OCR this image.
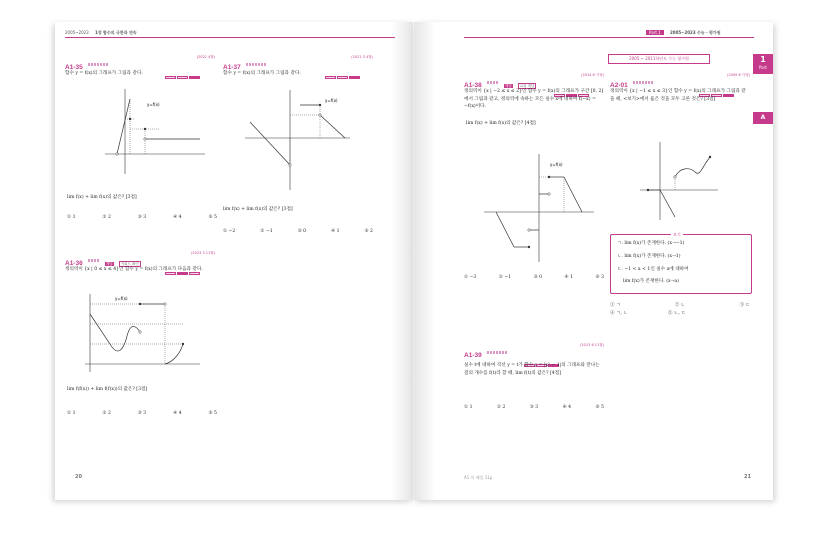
2005~2023 1장 함수의 극한과 연속
A1-35
(2022 4월)
함수 y = f(x)의 그래프가 그림과 같다.
y=f(x)
lim f(x) + lim f(x)의 값은? [3점]
① 1	② 2	③ 3	④ 4	⑤ 5
A1-37
(2021 3 4월)
함수 y = f(x)의 그래프가 그림과 같다.
y=f(x)
lim f(x) + lim f(x)의 값은? [3점]
① −2	② −1	③ 0	④ 1	⑤ 2
A1-36	개념 키워드 확인
(2023 3 11월)
정의역이 {x | 0 ≤ x ≤ 4}인 함수 y = f(x)의 그래프가 다음과 같다.
y=f(x)
lim f(f(x)) + lim f(f(x))의 값은? [3점]
① 1	② 2	③ 3	④ 4	⑤ 5
20
Part 1	2005~2023 수능 · 평가원
1
Part
A
2005 ~ 2011학년도 수능 평가원
A1-38	개념 교과 개념
(2014 6 가형)
정의역이 {x | −2 ≤ x ≤ 2}인 함수 y = f(x)의 그래프가 구간 [0, 2]에서 그림과 같고, 정의역에 속하는 모든 실수 x에 대하여 f(−x) = −f(x)이다.
lim f(x) + lim f(x)의 값은? [4점]
y=f(x)
① −3	② −1	③ 0	④ 1	⑤ 3
A2-01
(2009 6 가형)
정의역이 {x | −1 ≤ x ≤ 3}인 함수 y = f(x)의 그래프가 그림과 같을 때, <보기>에서 옳은 것을 모두 고른 것은? [3점]
보기
ㄱ. lim f(x)가 존재한다. (x→−1)
ㄴ. lim f(x)가 존재한다. (x→1)
ㄷ. −1 < a < 1인 실수 a에 대하여
lim f(x)가 존재한다. (x→a)
① ㄱ	② ㄴ	③ ㄷ
④ ㄱ, ㄴ	⑤ ㄴ, ㄷ
A1-39
(2013 6 11월)
실수 t에 대하여 직선 y = t가 함수 y = |x² − 1|의 그래프와 만나는 점의 개수를 f(t)라 할 때, lim f(t)의 값은? [4점]
① 1	② 2	③ 3	④ 4	⑤ 5
A1 의 해설 11p	21
